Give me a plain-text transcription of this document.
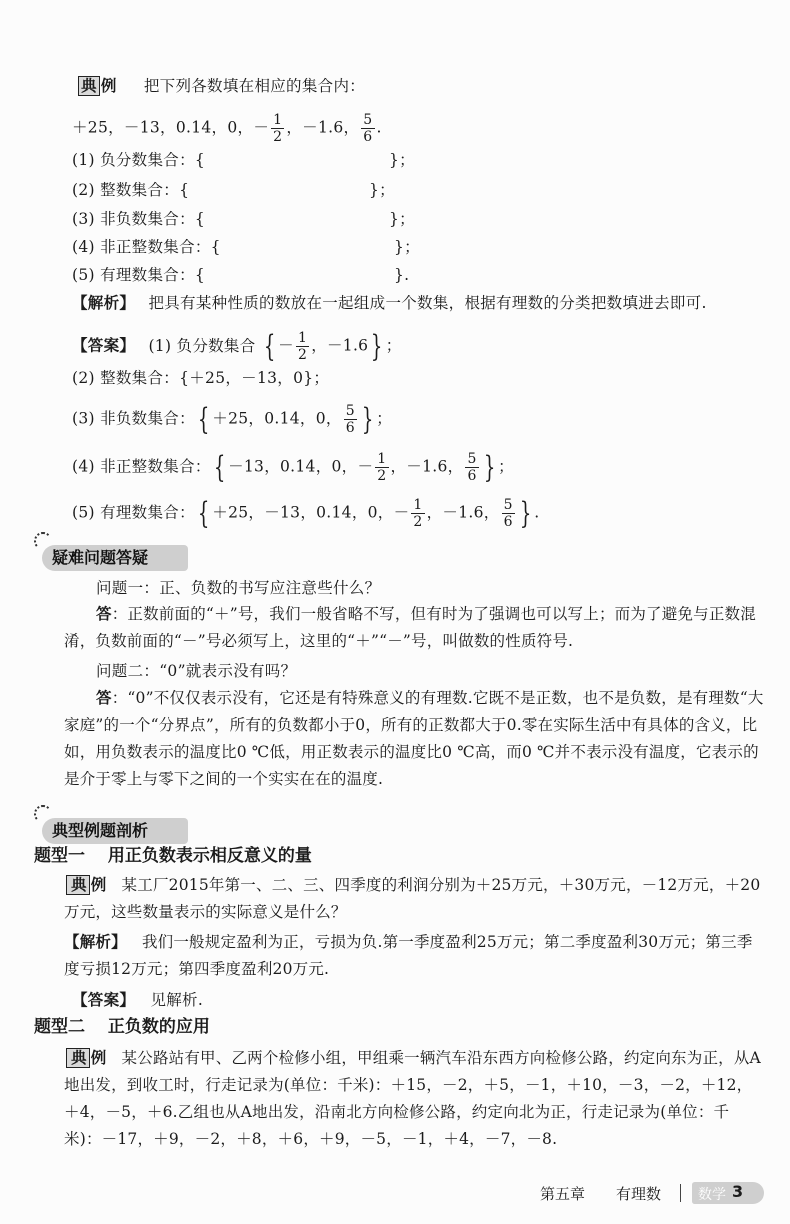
典 例 把下列各数填在相应的集合内：
＋25，－13，0.14，0，－ $\frac{1}{2}$ ，－1.6， $\frac{5}{6}$ .
(1) 负分数集合：{	}；
(2) 整数集合：{	}；
(3) 非负数集合：{	}；
(4) 非正整数集合：{	}；
(5) 有理数集合：{	}.
【解析】 把具有某种性质的数放在一起组成一个数集，根据有理数的分类把数填进去即可.
【答案】 (1) 负分数集合 { － $\frac{1}{2}$ ，－1.6} ；
(2) 整数集合：{＋25，－13，0}；
(3) 非负数集合：{ ＋25，0.14，0， $\frac{5}{6}$ } ；
(4) 非正整数集合：{ －13，0.14，0，－ $\frac{1}{2}$ ，－1.6， $\frac{5}{6}$ } ；
(5) 有理数集合：{ ＋25，－13，0.14，0，－ $\frac{1}{2}$ ，－1.6， $\frac{5}{6}$ } .
疑难问题答疑
问题一：正、负数的书写应注意些什么？
答：正数前面的“＋”号，我们一般省略不写，但有时为了强调也可以写上；而为了避免与正数混淆，负数前面的“－”号必须写上，这里的“＋”“－”号，叫做数的性质符号.
问题二：“0”就表示没有吗？
答：“0”不仅仅表示没有，它还是有特殊意义的有理数.它既不是正数，也不是负数，是有理数“大家庭”的一个“分界点”，所有的负数都小于0，所有的正数都大于0.零在实际生活中有具体的含义，比如，用负数表示的温度比0 ℃低，用正数表示的温度比0 ℃高，而0 ℃并不表示没有温度，它表示的是介于零上与零下之间的一个实实在在的温度.
典型例题剖析
题型一　 用正负数表示相反意义的量
典 例 某工厂2015年第一、二、三、四季度的利润分别为＋25万元，＋30万元，－12万元，＋20万元，这些数量表示的实际意义是什么？
【解析】 我们一般规定盈利为正，亏损为负.第一季度盈利25万元；第二季度盈利30万元；第三季度亏损12万元；第四季度盈利20万元.
【答案】 见解析.
题型二　 正负数的应用
典 例 某公路站有甲、乙两个检修小组，甲组乘一辆汽车沿东西方向检修公路，约定向东为正，从A地出发，到收工时，行走记录为(单位：千米)：＋15，－2，＋5，－1，＋10，－3，－2，＋12，＋4，－5，＋6.乙组也从A地出发，沿南北方向检修公路，约定向北为正，行走记录为(单位：千米)：－17，＋9，－2，＋8，＋6，＋9，－5，－1，＋4，－7，－8.
第五章 有理数	数学 3
